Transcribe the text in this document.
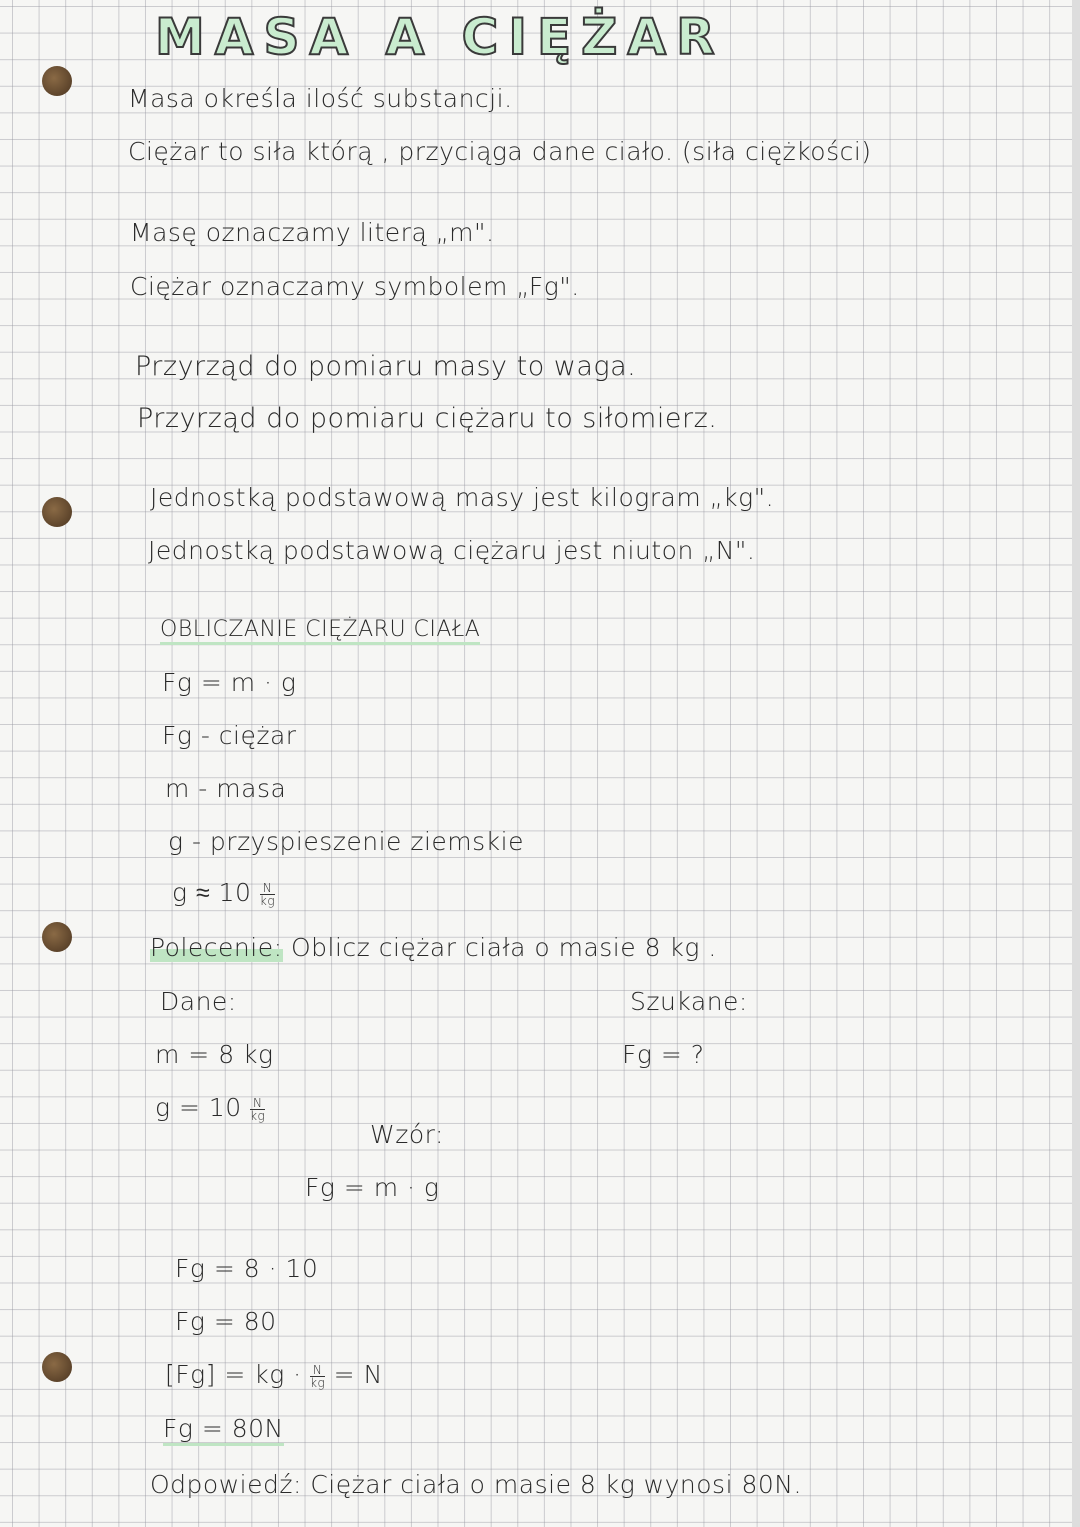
MASA A CIĘŻAR
Masa określa ilość substancji.
Ciężar to siła którą , przyciąga dane ciało. (siła ciężkości)
Masę oznaczamy literą „m".
Ciężar oznaczamy symbolem „Fg".
Przyrząd do pomiaru masy to waga.
Przyrząd do pomiaru ciężaru to siłomierz.
Jednostką podstawową masy jest kilogram „kg".
Jednostką podstawową ciężaru jest niuton „N".
OBLICZANIE CIĘŻARU CIAŁA
Fg = m · g
Fg - ciężar
m - masa
g - przyspieszenie ziemskie
$g \approx 10 \frac{N}{kg}$
Polecenie: Oblicz ciężar ciała o masie 8 kg .
Dane:	Szukane:
m = 8 kg	Fg = ?
$g = 10 \frac{N}{kg}$
Wzór:
Fg = m · g
Fg = 8 · 10
Fg = 80
[Fg] = kg · $\frac{N}{kg} = N$
Fg = 80N
Odpowiedź: Ciężar ciała o masie 8 kg wynosi 80N.
